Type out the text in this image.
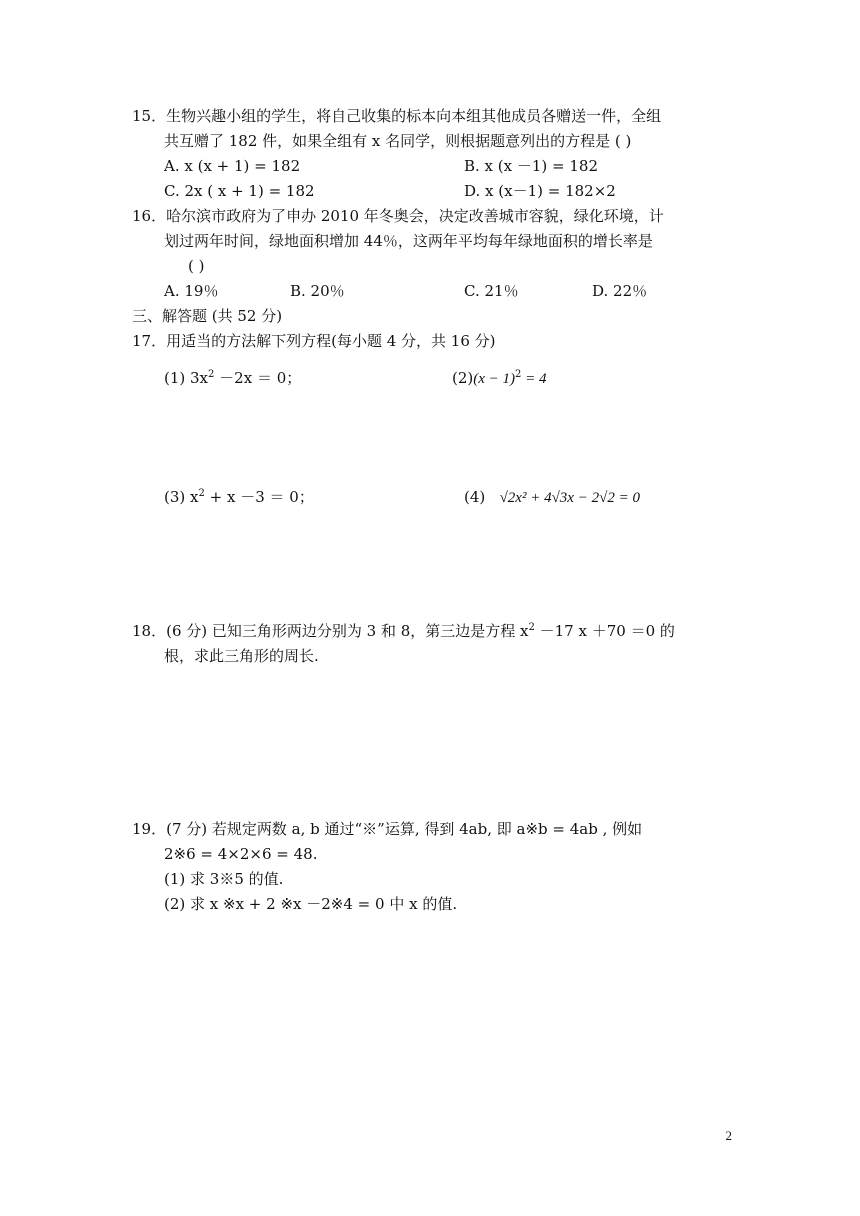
15．生物兴趣小组的学生，将自己收集的标本向本组其他成员各赠送一件，全组
共互赠了 182 件，如果全组有 x 名同学，则根据题意列出的方程是 ( )
A. x (x + 1) = 182	B. x (x －1) = 182
C. 2x ( x + 1) = 182	D. x (x－1) = 182×2
16．哈尔滨市政府为了申办 2010 年冬奥会，决定改善城市容貌，绿化环境，计
划过两年时间，绿地面积增加 44％，这两年平均每年绿地面积的增长率是
( )
A. 19％	B. 20％	C. 21％	D. 22％
三、解答题 (共 52 分)
17．用适当的方法解下列方程(每小题 4 分，共 16 分)
(1) $3x^2 -2x = 0$；	$(2)(x - 1)^2 = 4$
(3) $x^2 + x -3 = 0$；	(4) √2x² + 4√3x − 2√2 = 0
18．(6 分) 已知三角形两边分别为 3 和 8，第三边是方程 $x^2 -17$ x ＋70 ＝0 的
根，求此三角形的周长.
19．(7 分) 若规定两数 a, b 通过“※”运算, 得到 4ab, 即 a※b = 4ab , 例如
2※6 = 4×2×6 = 48.
(1) 求 3※5 的值.
(2) 求 x ※x + 2 ※x －2※4 = 0 中 x 的值.
2
